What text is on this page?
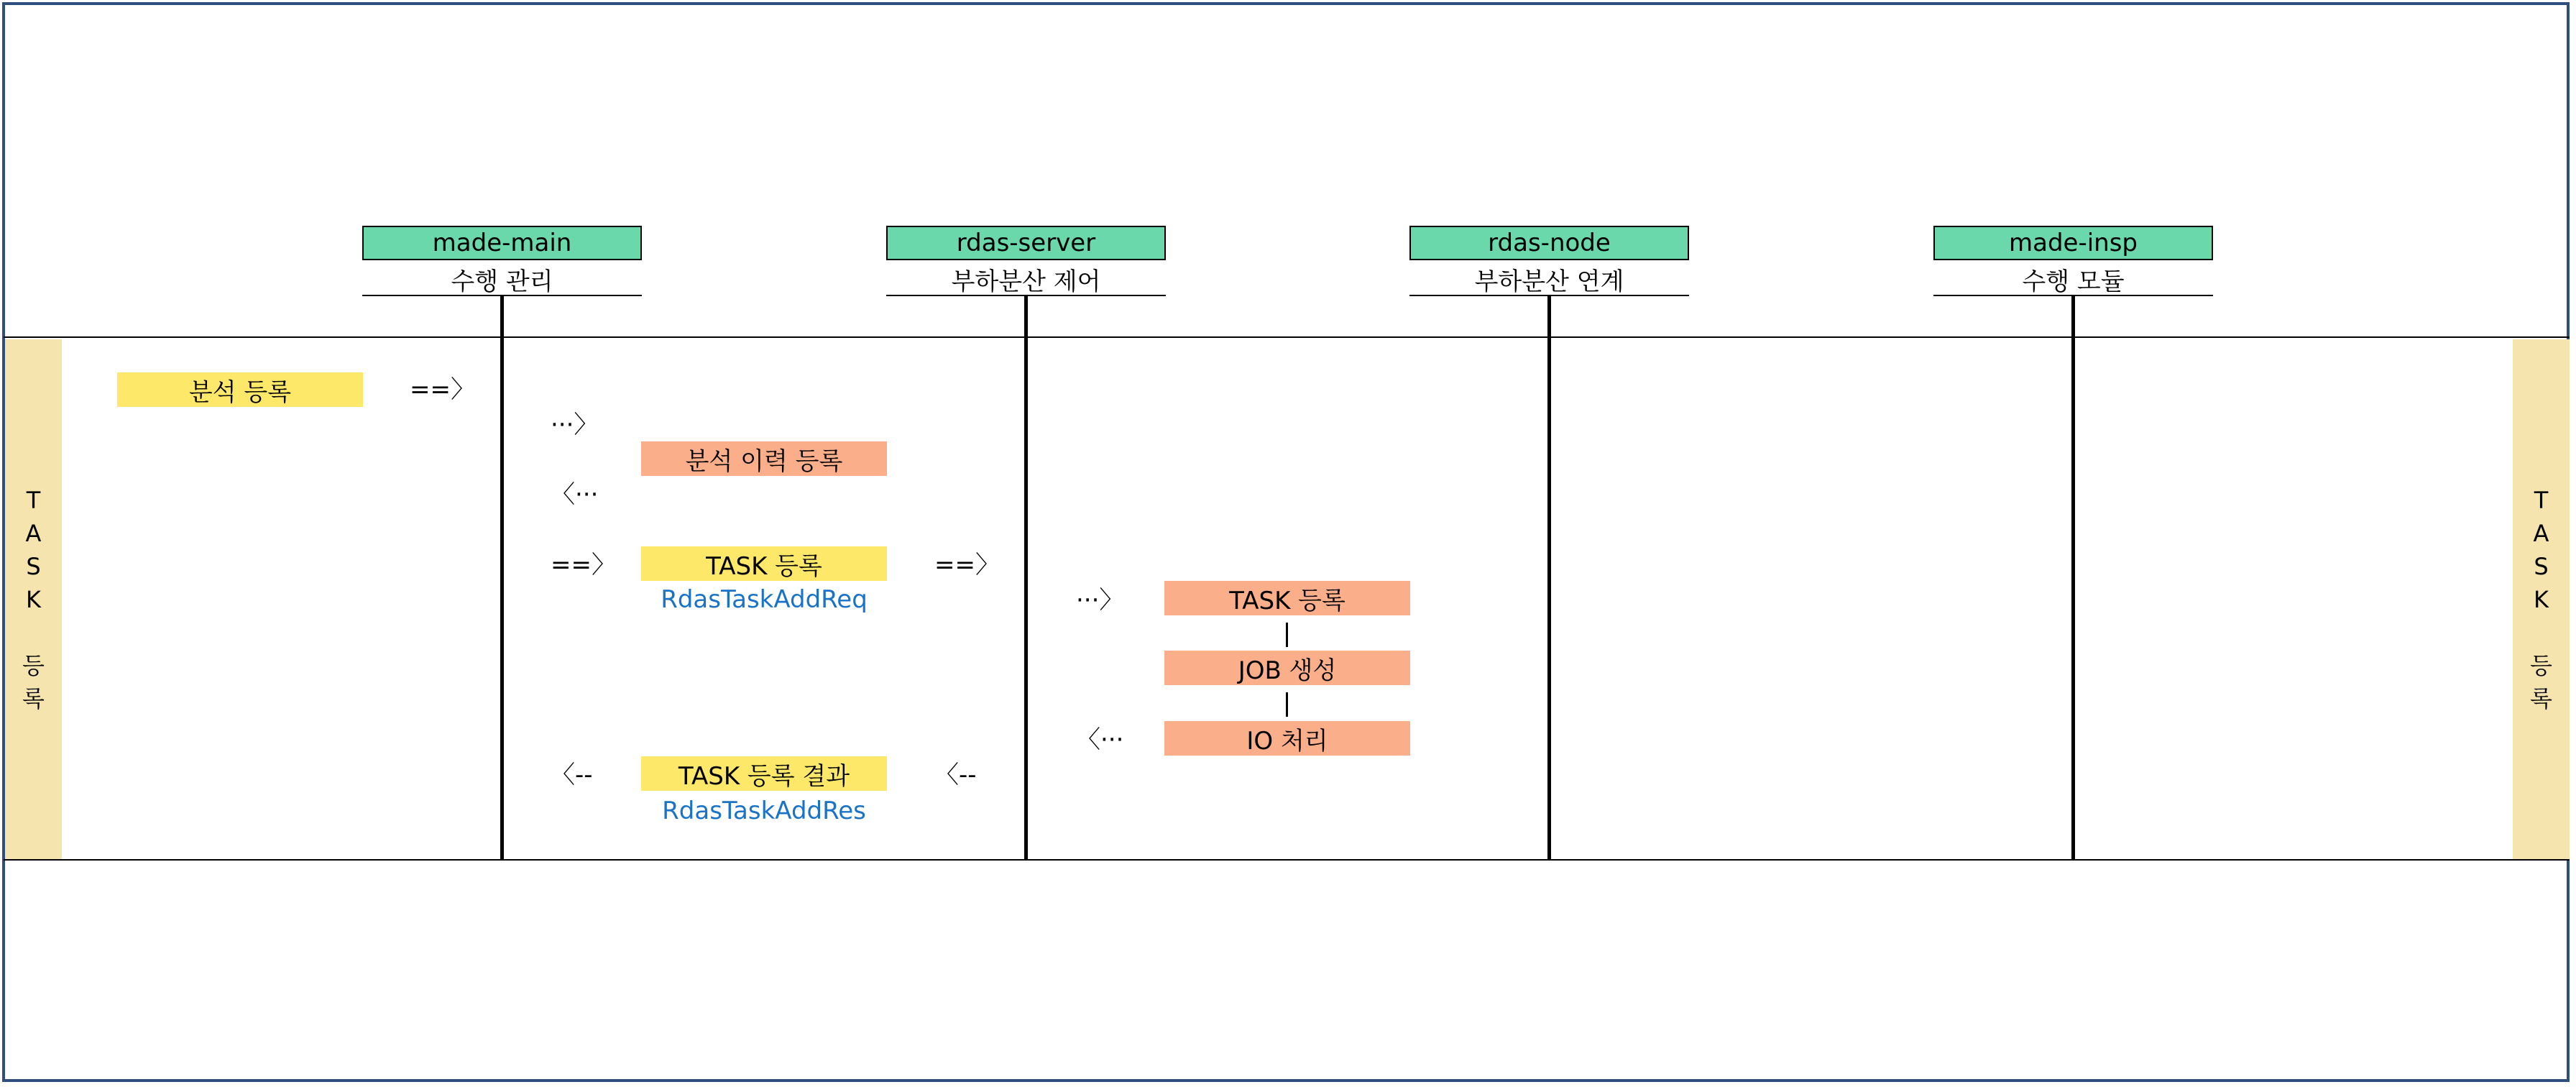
T
A
S
K
등
록
T
A
S
K
등
록
made-main
수행 관리
rdas-server
부하분산 제어
rdas-node
부하분산 연계
made-insp
수행 모듈
분석 등록	==〉
···〉
분석 이력 등록
〈···
==〉	TASK 등록
RdasTaskAddReq
==〉
···〉	TASK 등록
JOB 생성
IO 처리
〈···
〈--	TASK 등록 결과
RdasTaskAddRes
〈--
